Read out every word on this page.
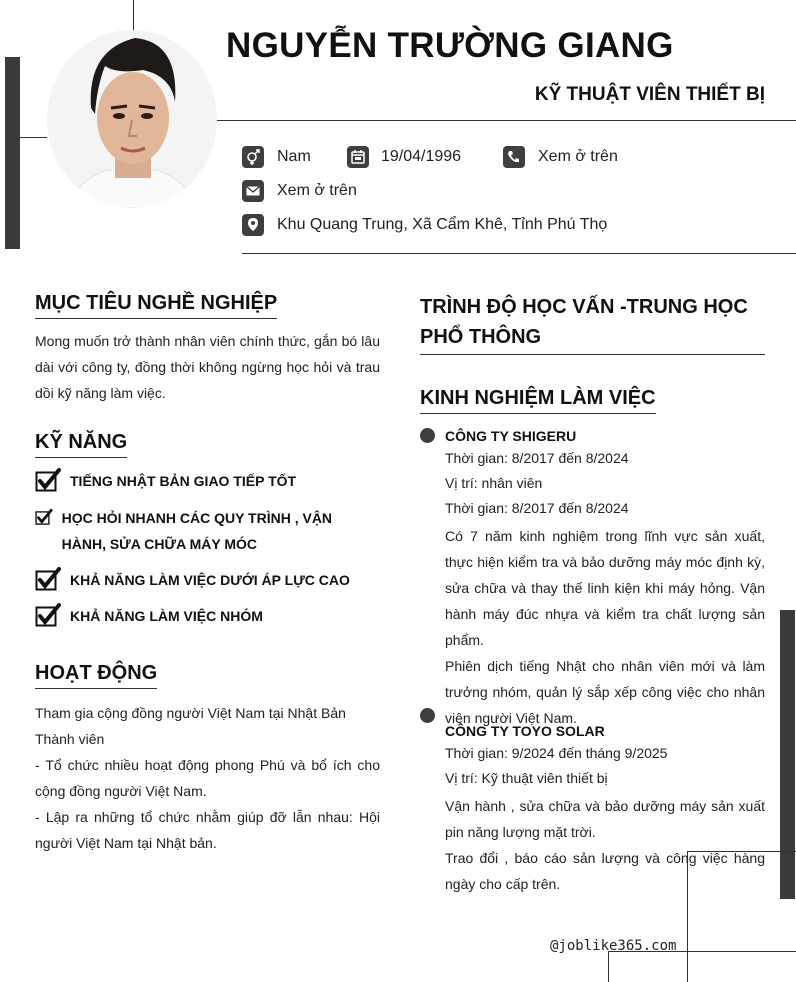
NGUYỄN TRƯỜNG GIANG
KỸ THUẬT VIÊN THIẾT BỊ
Nam	19/04/1996	Xem ở trên
Xem ở trên
Khu Quang Trung, Xã Cẩm Khê, Tỉnh Phú Thọ
MỤC TIÊU NGHỀ NGHIỆP
Mong muốn trở thành nhân viên chính thức, gắn bó lâu dài với công ty, đồng thời không ngừng học hỏi và trau dồi kỹ năng làm việc.
KỸ NĂNG
TIẾNG NHẬT BẢN GIAO TIẾP TỐT
HỌC HỎI NHANH CÁC QUY TRÌNH , VẬN HÀNH, SỬA CHỮA MÁY MÓC
KHẢ NĂNG LÀM VIỆC DƯỚI ÁP LỰC CAO
KHẢ NĂNG LÀM VIỆC NHÓM
HOẠT ĐỘNG
Tham gia cộng đồng người Việt Nam tại Nhật Bản
Thành viên
- Tổ chức nhiều hoạt động phong Phú và bổ ích cho cộng đồng người Việt Nam.
- Lập ra những tổ chức nhằm giúp đỡ lẫn nhau: Hội người Việt Nam tại Nhật bản.
TRÌNH ĐỘ HỌC VẤN -TRUNG HỌC PHỔ THÔNG
KINH NGHIỆM LÀM VIỆC
CÔNG TY SHIGERU
Thời gian: 8/2017 đến 8/2024
Vị trí: nhân viên
Thời gian: 8/2017 đến 8/2024
Có 7 năm kinh nghiệm trong lĩnh vực sản xuất, thực hiện kiểm tra và bảo dưỡng máy móc định kỳ, sửa chữa và thay thế linh kiện khi máy hỏng. Vận hành máy đúc nhựa và kiểm tra chất lượng sản phẩm.
Phiên dịch tiếng Nhật cho nhân viên mới và làm trưởng nhóm, quản lý sắp xếp công việc cho nhân viên người Việt Nam.
CÔNG TY TOYO SOLAR
Thời gian: 9/2024 đến tháng 9/2025
Vị trí: Kỹ thuật viên thiết bị
Vận hành , sửa chữa và bảo dưỡng máy sản xuất pin năng lượng mặt trời.
Trao đổi , báo cáo sản lượng và công việc hàng ngày cho cấp trên.
@joblike365.com
